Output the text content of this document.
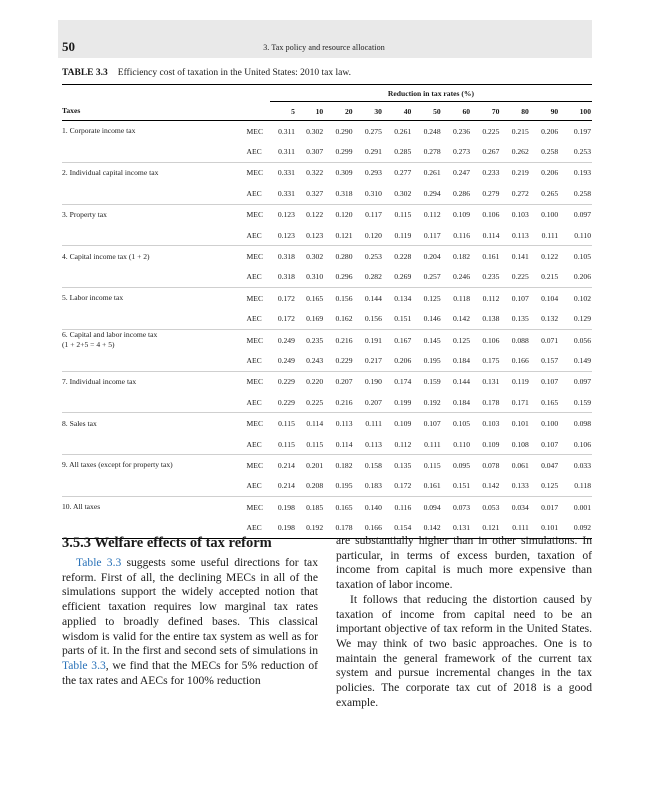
50	3. Tax policy and resource allocation
TABLE 3.3 Efficiency cost of taxation in the United States: 2010 tax law.
		Reduction in tax rates (%)										
Taxes		5	10	20	30	40	50	60	70	80	90	100

1. Corporate income tax	MEC	0.311	0.302	0.290	0.275	0.261	0.248	0.236	0.225	0.215	0.206	0.197
	AEC	0.311	0.307	0.299	0.291	0.285	0.278	0.273	0.267	0.262	0.258	0.253

2. Individual capital income tax	MEC	0.331	0.322	0.309	0.293	0.277	0.261	0.247	0.233	0.219	0.206	0.193
	AEC	0.331	0.327	0.318	0.310	0.302	0.294	0.286	0.279	0.272	0.265	0.258

3. Property tax	MEC	0.123	0.122	0.120	0.117	0.115	0.112	0.109	0.106	0.103	0.100	0.097
	AEC	0.123	0.123	0.121	0.120	0.119	0.117	0.116	0.114	0.113	0.111	0.110

4. Capital income tax (1 + 2)	MEC	0.318	0.302	0.280	0.253	0.228	0.204	0.182	0.161	0.141	0.122	0.105
	AEC	0.318	0.310	0.296	0.282	0.269	0.257	0.246	0.235	0.225	0.215	0.206

5. Labor income tax	MEC	0.172	0.165	0.156	0.144	0.134	0.125	0.118	0.112	0.107	0.104	0.102
	AEC	0.172	0.169	0.162	0.156	0.151	0.146	0.142	0.138	0.135	0.132	0.129

6. Capital and labor income tax
(1 + 2+5 = 4 + 5)	MEC	0.249	0.235	0.216	0.191	0.167	0.145	0.125	0.106	0.088	0.071	0.056
	AEC	0.249	0.243	0.229	0.217	0.206	0.195	0.184	0.175	0.166	0.157	0.149

7. Individual income tax	MEC	0.229	0.220	0.207	0.190	0.174	0.159	0.144	0.131	0.119	0.107	0.097
	AEC	0.229	0.225	0.216	0.207	0.199	0.192	0.184	0.178	0.171	0.165	0.159

8. Sales tax	MEC	0.115	0.114	0.113	0.111	0.109	0.107	0.105	0.103	0.101	0.100	0.098
	AEC	0.115	0.115	0.114	0.113	0.112	0.111	0.110	0.109	0.108	0.107	0.106

9. All taxes (except for property tax)	MEC	0.214	0.201	0.182	0.158	0.135	0.115	0.095	0.078	0.061	0.047	0.033
	AEC	0.214	0.208	0.195	0.183	0.172	0.161	0.151	0.142	0.133	0.125	0.118

10. All taxes	MEC	0.198	0.185	0.165	0.140	0.116	0.094	0.073	0.053	0.034	0.017	0.001
	AEC	0.198	0.192	0.178	0.166	0.154	0.142	0.131	0.121	0.111	0.101	0.092
3.5.3 Welfare effects of tax reform

Table 3.3 suggests some useful directions for tax reform. First of all, the declining MECs in all of the simulations support the widely accepted notion that efficient taxation requires low marginal tax rates applied to broadly defined bases. This classical wisdom is valid for the entire tax system as well as for parts of it. In the first and second sets of simulations in Table 3.3, we find that the MECs for 5% reduction of the tax rates and AECs for 100% reduction

are substantially higher than in other simulations. In particular, in terms of excess burden, taxation of income from capital is much more expensive than taxation of labor income.

It follows that reducing the distortion caused by taxation of income from capital need to be an important objective of tax reform in the United States. We may think of two basic approaches. One is to maintain the general framework of the current tax system and pursue incremental changes in the tax policies. The corporate tax cut of 2018 is a good example.
